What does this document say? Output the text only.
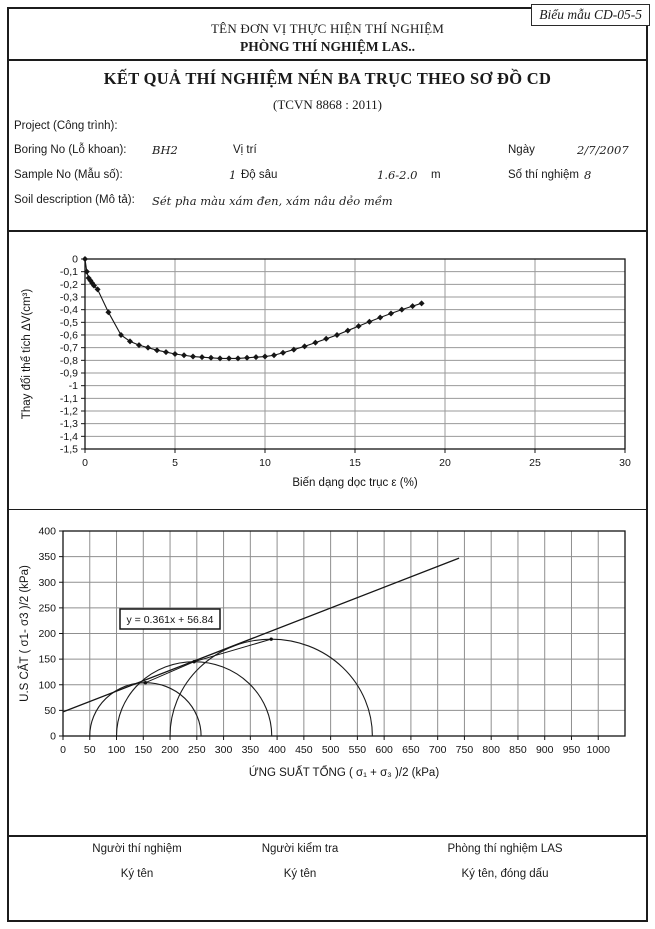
Biểu mẫu CD-05-5
TÊN ĐƠN VỊ THỰC HIỆN THÍ NGHIỆM
PHÒNG THÍ NGHIỆM LAS..
KẾT QUẢ THÍ NGHIỆM NÉN BA TRỤC THEO SƠ ĐỒ CD
(TCVN 8868 : 2011)
Project (Công trình):
Boring No (Lỗ khoan): BH2	Vị trí	Ngày	2/7/2007
Sample No (Mẫu số):	1 Độ sâu	1.6-2.0 m	Số thí nghiệm 8
Soil description (Mô tả): Sét pha màu xám đen, xám nâu dẻo mềm
0
-0,1
-0,2
-0,3
-0,4
-0,5
-0,6
-0,7
-0,8
-0,9
-1
-1,1
-1,2
-1,3
-1,4
-1,5
0	5	10	15	20	25	30
Thay đổi thể tích ΔV(cm³)
Biến dạng dọc trục ε (%)
0 50 100 150 200 250 300 350 400 450 500 550 600 650 700 750 800 850 900 950 1000
0
50
100
150
200
250
300
350
400
y = 0.361x + 56.84
U.S CẮT ( σ1- σ3 )/2 (kPa)
ỨNG SUẤT TỔNG ( σ₁ + σ₃ )/2 (kPa)
Người thí nghiệm
Ký tên
Người kiểm tra
Ký tên
Phòng thí nghiệm LAS
Ký tên, đóng dấu
